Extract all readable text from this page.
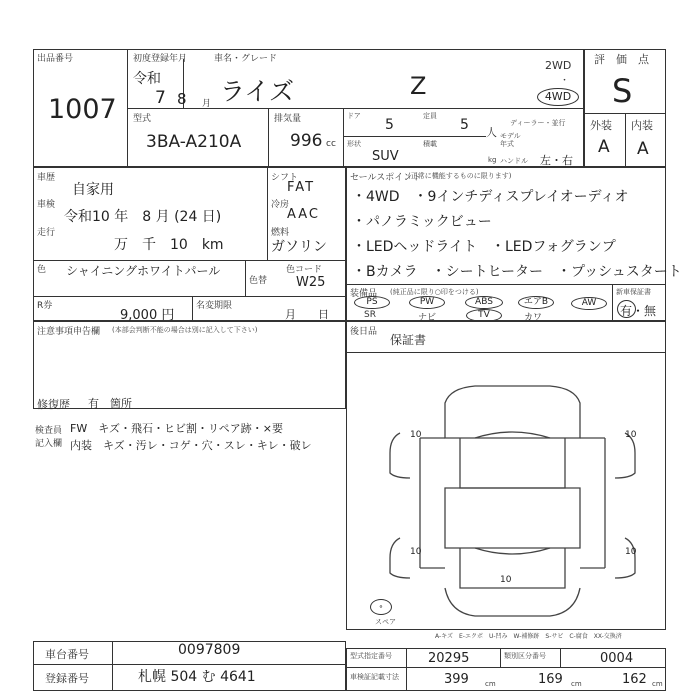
出品番号
1007
初度登録年月
令和
7 8 月
車名・グレード
ライズ	Z
2WD
・
4WD
型式
3BA-A210A
排気量
996 cc
ドア
5
定員
5 人
ディーラー・並行
モデル年式
形状
SUV
積載
kg ハンドル 左・右
評　価　点
S
外装 内装
A A
車歴
自家用
車検
令和10 年　8 月 (24 日)
走行
万　千　10　km
色 シャイニングホワイトパール
色替
色コード
W25
R券
9,000 円
名変期限
月　　日
シフト
FAT
冷房
AAC
燃料
ガソリン
セールスポイント
(正常に機能するものに限ります)
・4WD　・9インチディスプレイオーディオ
・パノラミックビュー
・LEDヘッドライト　・LEDフォグランプ
・Bカメラ　・シートヒーター　・プッシュスタート
装備品 (純正品に限り○印をつける)
PS	PW	ABS	エアB	AW
SR	ナビ	TV	カワ
新車保証書
有・無
注意事項申告欄 (本部会判断不能の場合は別に記入して下さい)
修復歴 有　箇所
後日品
保証書
検査員
記入欄
FW　キズ・飛石・ヒビ割・リペア跡・×要
内装　キズ・汚レ・コゲ・穴・スレ・キレ・破レ
10	10
10	10
10
⚬
スペア
A-キズ　E-エクボ　U-凹み　W-補修跡　S-サビ　C-腐食　XX-交換済
車台番号	0097809
登録番号	札幌 504 む 4641
型式指定番号	20295	類別区分番号	0004
車検証記載寸法	399 cm	169 cm	162 cm
